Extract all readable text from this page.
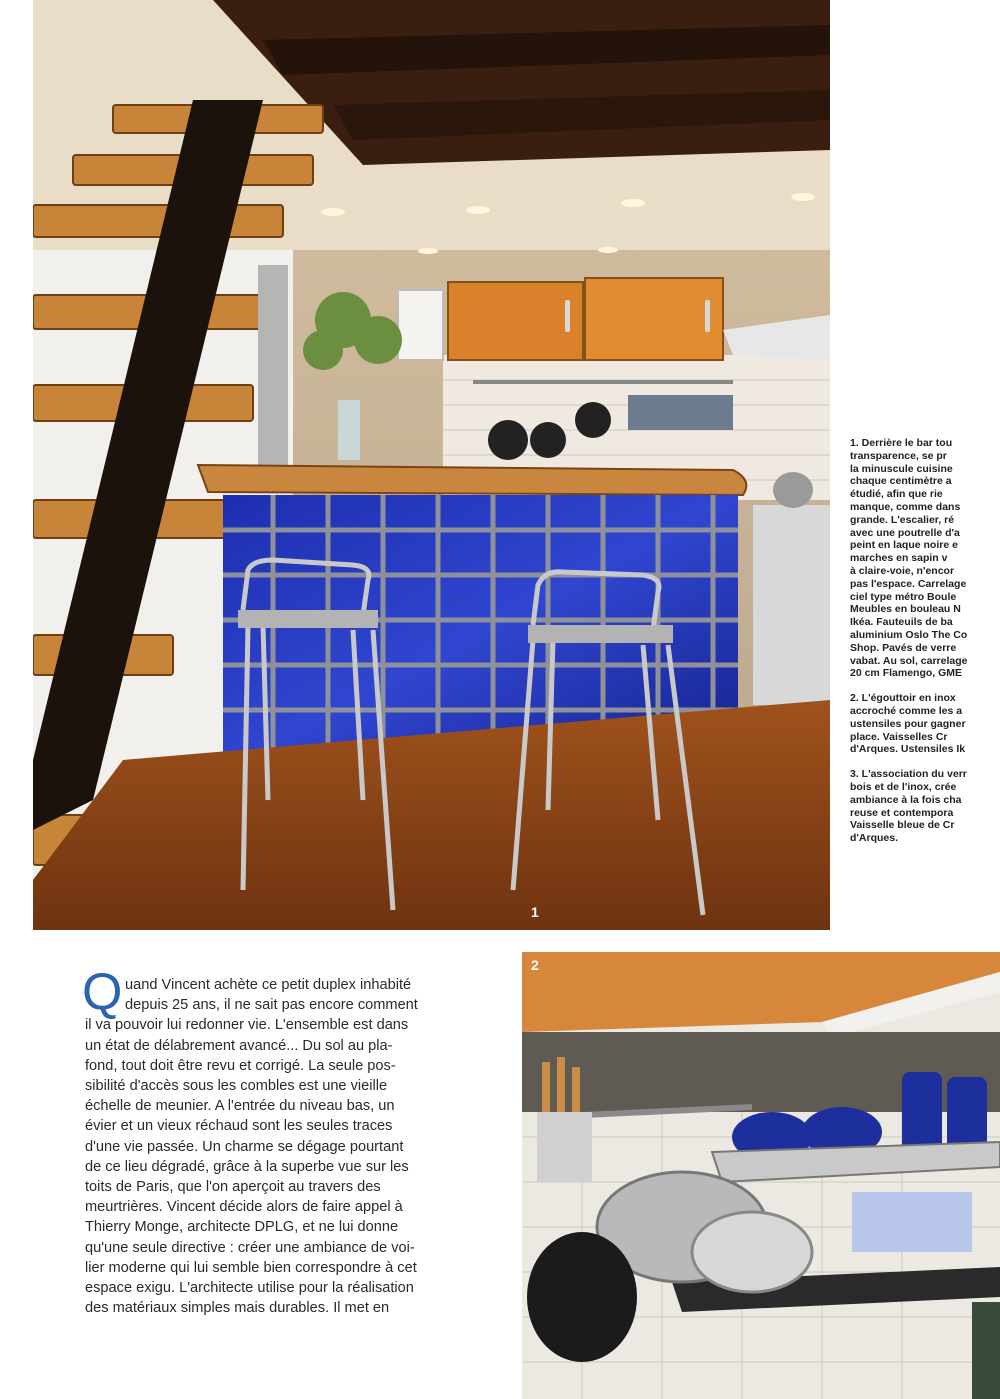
1
2
1. Derrière le bar tou
transparence, se pr
la minuscule cuisine
chaque centimètre a
étudié, afin que rie
manque, comme dans
grande. L'escalier, ré
avec une poutrelle d'a
peint en laque noire e
marches en sapin v
à claire-voie, n'encor
pas l'espace. Carrelage
ciel type métro Boule
Meubles en bouleau N
Ikéa. Fauteuils de ba
aluminium Oslo The Co
Shop. Pavés de verre
vabat. Au sol, carrelage
20 cm Flamengo, GME
2. L'égouttoir en inox
accroché comme les a
ustensiles pour gagner
place. Vaisselles Cr
d'Arques. Ustensiles Ik
3. L'association du verr
bois et de l'inox, crée
ambiance à la fois cha
reuse et contempora
Vaisselle bleue de Cr
d'Arques.
Q uand Vincent achète ce petit duplex inhabité
depuis 25 ans, il ne sait pas encore comment
il va pouvoir lui redonner vie. L'ensemble est dans
un état de délabrement avancé... Du sol au pla-
fond, tout doit être revu et corrigé. La seule pos-
sibilité d'accès sous les combles est une vieille
échelle de meunier. A l'entrée du niveau bas, un
évier et un vieux réchaud sont les seules traces
d'une vie passée. Un charme se dégage pourtant
de ce lieu dégradé, grâce à la superbe vue sur les
toits de Paris, que l'on aperçoit au travers des
meurtrières. Vincent décide alors de faire appel à
Thierry Monge, architecte DPLG, et ne lui donne
qu'une seule directive : créer une ambiance de voi-
lier moderne qui lui semble bien correspondre à cet
espace exigu. L'architecte utilise pour la réalisation
des matériaux simples mais durables. Il met en
